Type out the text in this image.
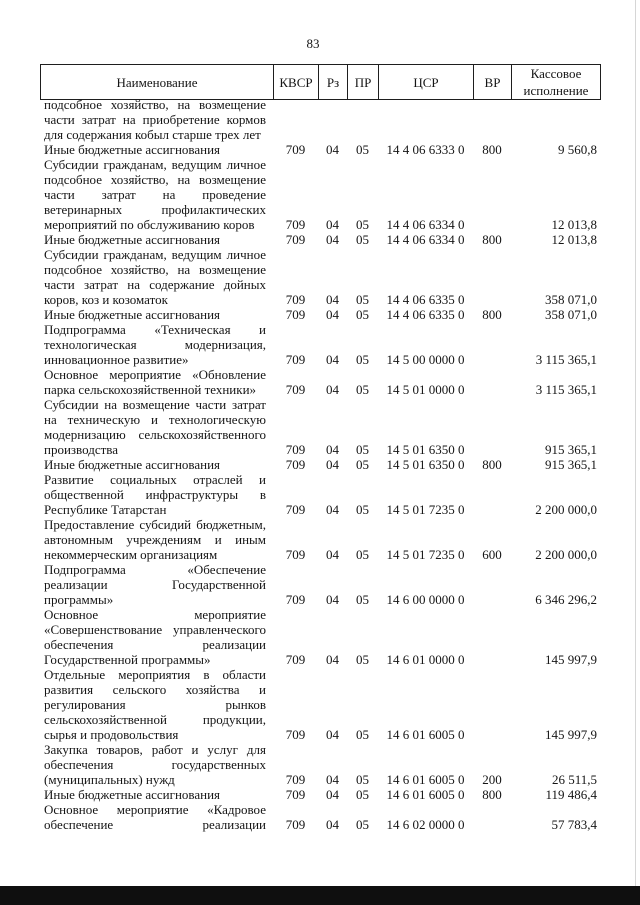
83
Наименование	КВСР	Рз	ПР	ЦСР	ВР	Кассовое исполнение
подсобное хозяйство, на возмещение
части затрат на приобретение кормов
для содержания кобыл старше трех лет						

Иные бюджетные ассигнования	709	04	05	14 4 06 6333 0	800	9 560,8

Субсидии гражданам, ведущим личное
подсобное хозяйство, на возмещение
части затрат на проведение
ветеринарных профилактических
мероприятий по обслуживанию коров	709	04	05	14 4 06 6334 0		12 013,8

Иные бюджетные ассигнования	709	04	05	14 4 06 6334 0	800	12 013,8

Субсидии гражданам, ведущим личное
подсобное хозяйство, на возмещение
части затрат на содержание дойных
коров, коз и козоматок	709	04	05	14 4 06 6335 0		358 071,0

Иные бюджетные ассигнования	709	04	05	14 4 06 6335 0	800	358 071,0

Подпрограмма «Техническая и
технологическая модернизация,
инновационное развитие»	709	04	05	14 5 00 0000 0		3 115 365,1

Основное мероприятие «Обновление
парка сельскохозяйственной техники»	709	04	05	14 5 01 0000 0		3 115 365,1

Субсидии на возмещение части затрат
на техническую и технологическую
модернизацию сельскохозяйственного
производства	709	04	05	14 5 01 6350 0		915 365,1

Иные бюджетные ассигнования	709	04	05	14 5 01 6350 0	800	915 365,1

Развитие социальных отраслей и
общественной инфраструктуры в
Республике Татарстан	709	04	05	14 5 01 7235 0		2 200 000,0

Предоставление субсидий бюджетным,
автономным учреждениям и иным
некоммерческим организациям	709	04	05	14 5 01 7235 0	600	2 200 000,0

Подпрограмма «Обеспечение
реализации Государственной
программы»	709	04	05	14 6 00 0000 0		6 346 296,2

Основное мероприятие
«Совершенствование управленческого
обеспечения реализации
Государственной программы»	709	04	05	14 6 01 0000 0		145 997,9

Отдельные мероприятия в области
развития сельского хозяйства и
регулирования рынков
сельскохозяйственной продукции,
сырья и продовольствия	709	04	05	14 6 01 6005 0		145 997,9

Закупка товаров, работ и услуг для
обеспечения государственных
(муниципальных) нужд	709	04	05	14 6 01 6005 0	200	26 511,5

Иные бюджетные ассигнования	709	04	05	14 6 01 6005 0	800	119 486,4

Основное мероприятие «Кадровое
обеспечение реализации	709	04	05	14 6 02 0000 0		57 783,4
